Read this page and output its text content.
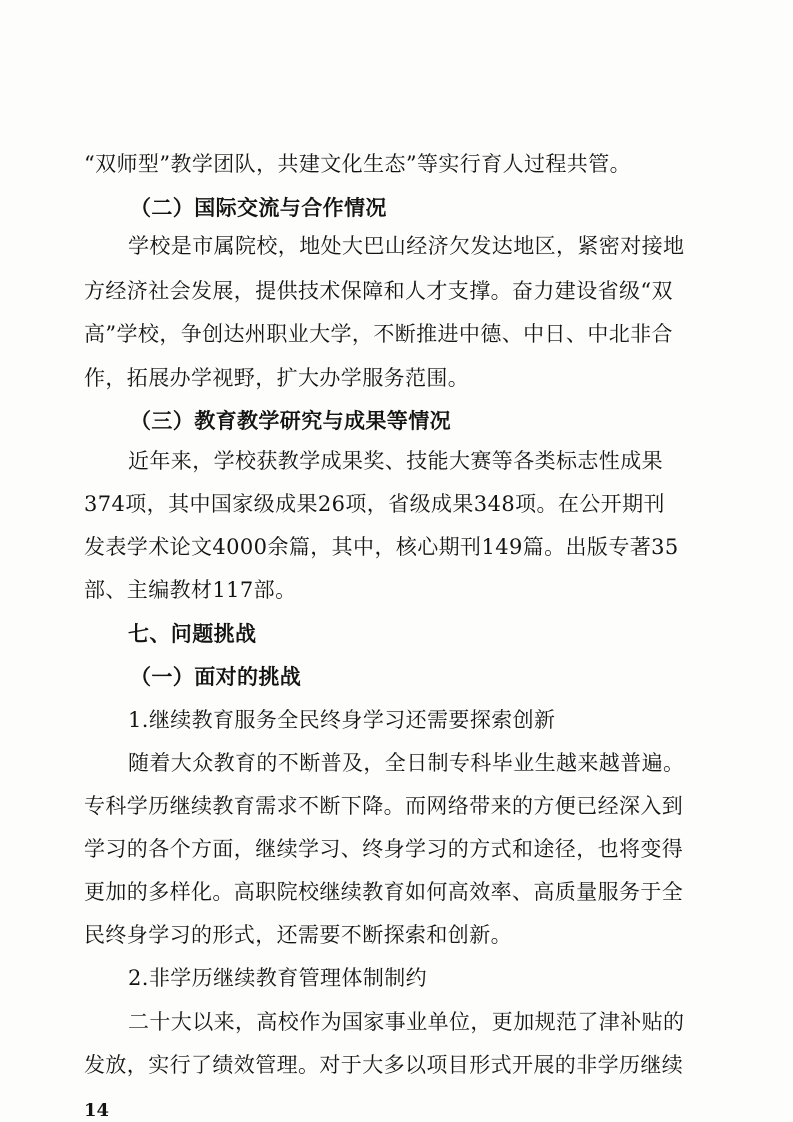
“双师型”教学团队，共建文化生态”等实行育人过程共管。
（二）国际交流与合作情况
学校是市属院校，地处大巴山经济欠发达地区，紧密对接地
方经济社会发展，提供技术保障和人才支撑。奋力建设省级“双
高”学校，争创达州职业大学，不断推进中德、中日、中北非合
作，拓展办学视野，扩大办学服务范围。
（三）教育教学研究与成果等情况
近年来，学校获教学成果奖、技能大赛等各类标志性成果
374项，其中国家级成果26项，省级成果348项。在公开期刊
发表学术论文4000余篇，其中，核心期刊149篇。出版专著35
部、主编教材117部。
七、问题挑战
（一）面对的挑战
1.继续教育服务全民终身学习还需要探索创新
随着大众教育的不断普及，全日制专科毕业生越来越普遍。
专科学历继续教育需求不断下降。而网络带来的方便已经深入到
学习的各个方面，继续学习、终身学习的方式和途径，也将变得
更加的多样化。高职院校继续教育如何高效率、高质量服务于全
民终身学习的形式，还需要不断探索和创新。
2.非学历继续教育管理体制制约
二十大以来，高校作为国家事业单位，更加规范了津补贴的
发放，实行了绩效管理。对于大多以项目形式开展的非学历继续
14
